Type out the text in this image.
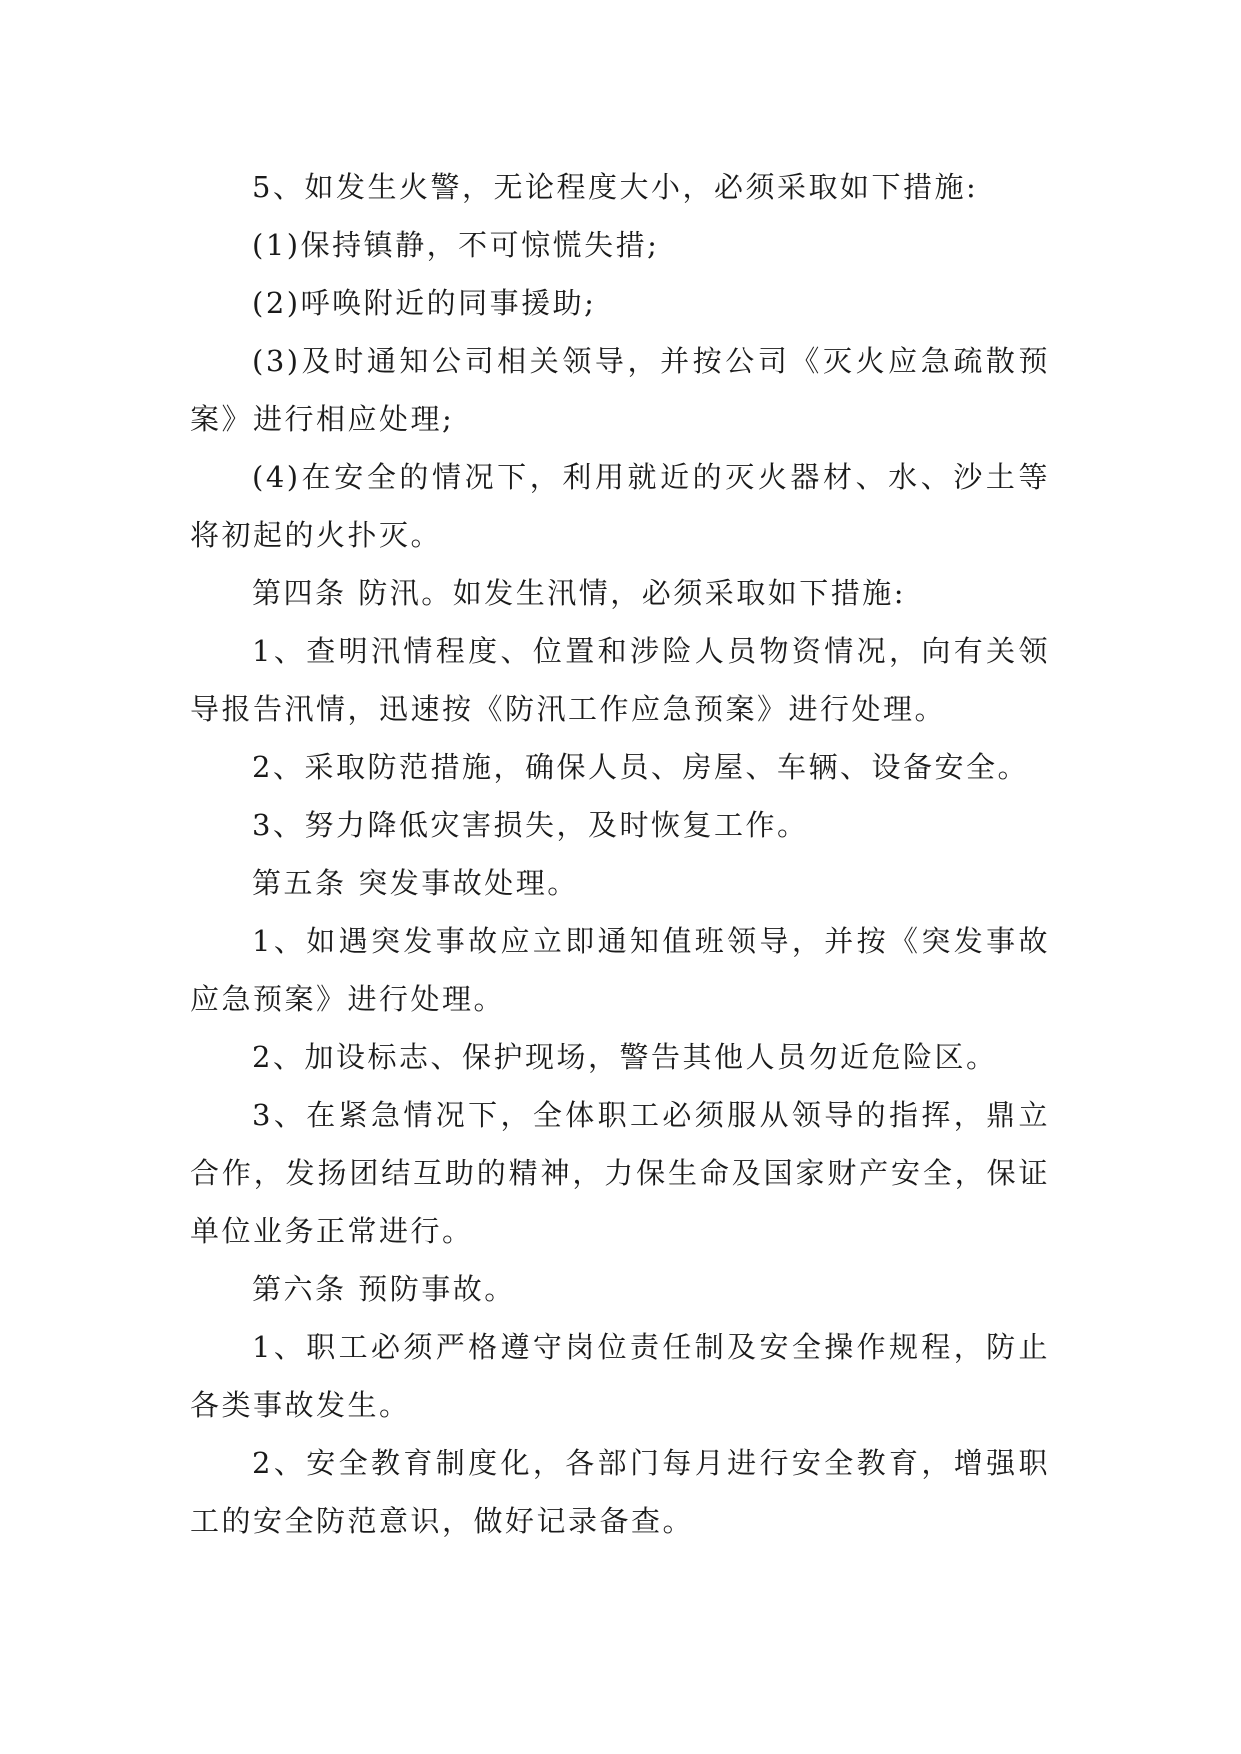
5、如发生火警，无论程度大小，必须采取如下措施:

(1)保持镇静，不可惊慌失措;

(2)呼唤附近的同事援助;

(3)及时通知公司相关领导，并按公司《灭火应急疏散预案》进行相应处理;

(4)在安全的情况下，利用就近的灭火器材、水、沙土等将初起的火扑灭。

第四条 防汛。如发生汛情，必须采取如下措施:

1、查明汛情程度、位置和涉险人员物资情况，向有关领导报告汛情，迅速按《防汛工作应急预案》进行处理。

2、采取防范措施，确保人员、房屋、车辆、设备安全。

3、努力降低灾害损失，及时恢复工作。

第五条 突发事故处理。

1、如遇突发事故应立即通知值班领导，并按《突发事故应急预案》进行处理。

2、加设标志、保护现场，警告其他人员勿近危险区。

3、在紧急情况下，全体职工必须服从领导的指挥，鼎立合作，发扬团结互助的精神，力保生命及国家财产安全，保证单位业务正常进行。

第六条 预防事故。

1、职工必须严格遵守岗位责任制及安全操作规程，防止各类事故发生。

2、安全教育制度化，各部门每月进行安全教育，增强职工的安全防范意识，做好记录备查。
